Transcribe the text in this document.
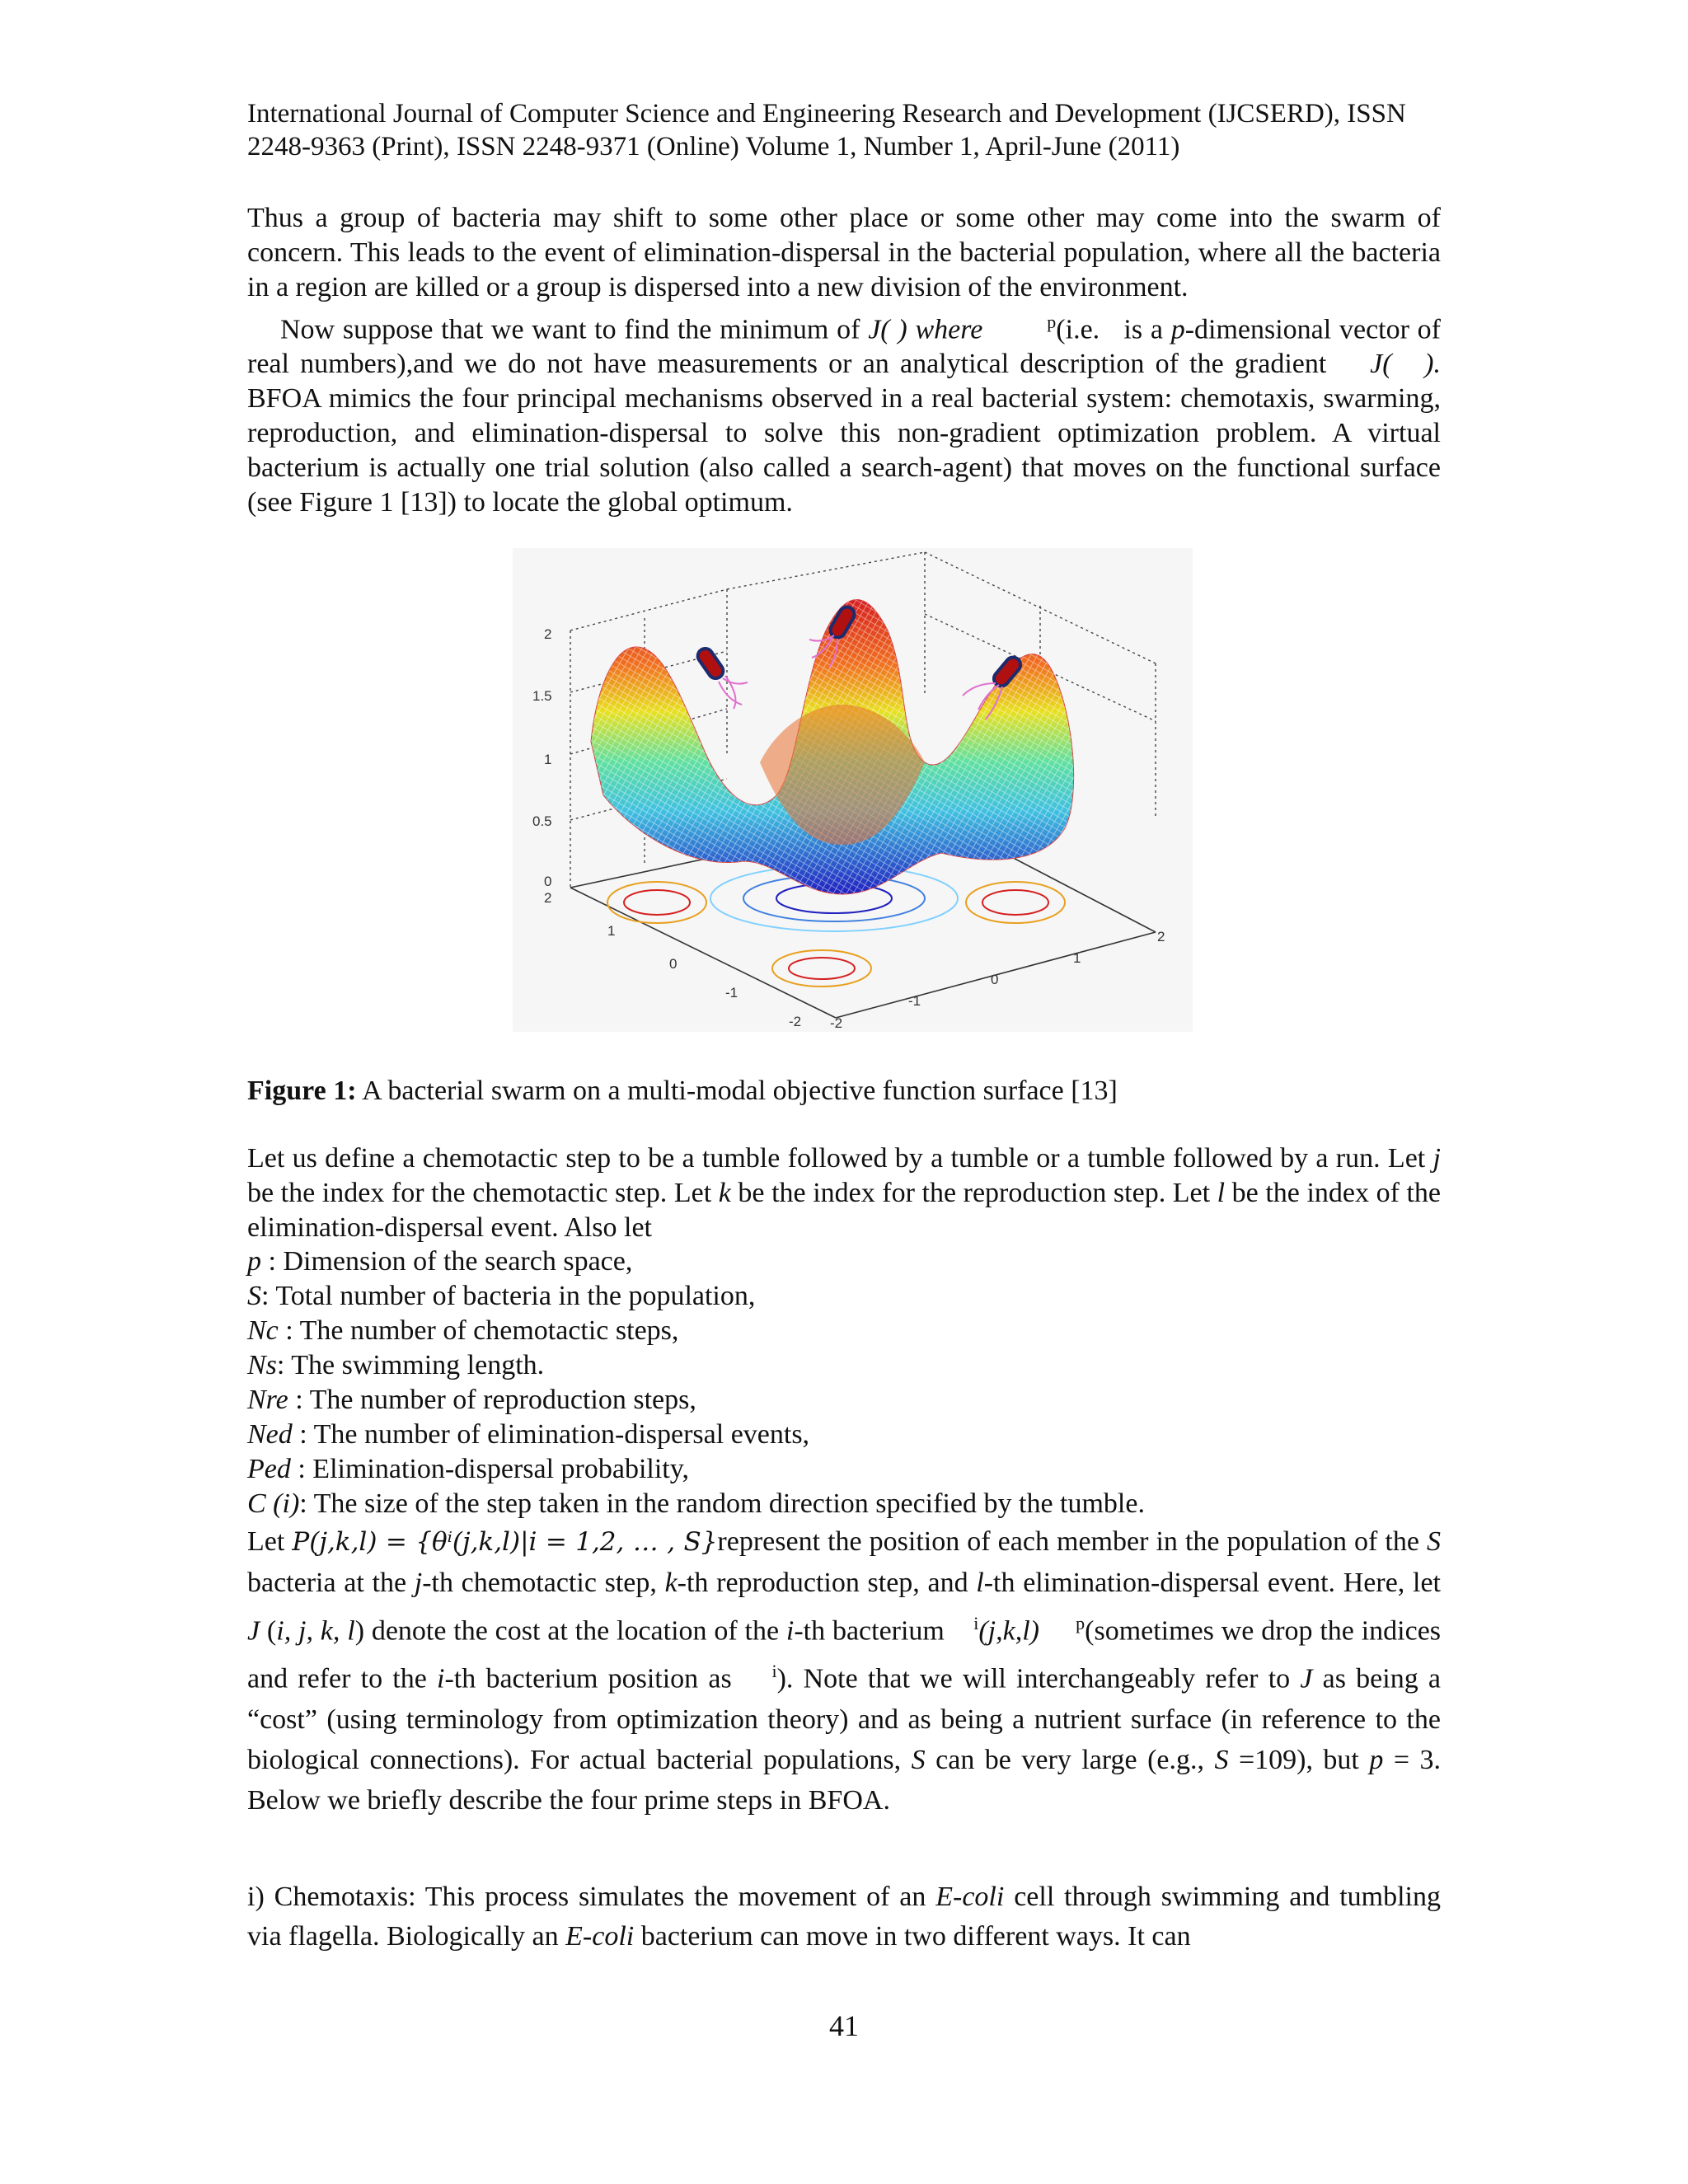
International Journal of Computer Science and Engineering Research and Development (IJCSERD), ISSN
2248-9363 (Print), ISSN 2248-9371 (Online) Volume 1, Number 1, April-June (2011)
Thus a group of bacteria may shift to some other place or some other may come into the swarm of concern. This leads to the event of elimination-dispersal in the bacterial population, where all the bacteria in a region are killed or a group is dispersed into a new division of the environment.
Now suppose that we want to find the minimum of J( ) where	$^p$(i.e.   is a p-dimensional vector of real numbers),and we do not have measurements or an analytical description of the gradient J(   ). BFOA mimics the four principal mechanisms observed in a real bacterial system: chemotaxis, swarming, reproduction, and elimination-dispersal to solve this non-gradient optimization problem. A virtual bacterium is actually one trial solution (also called a search-agent) that moves on the functional surface (see Figure 1 [13]) to locate the global optimum.
2
1.5
1
0.5
0
2
1
0
-1
-2 -2
-1
0
1
2
Figure 1: A bacterial swarm on a multi-modal objective function surface [13]
Let us define a chemotactic step to be a tumble followed by a tumble or a tumble followed by a run. Let j be the index for the chemotactic step. Let k be the index for the reproduction step. Let l be the index of the elimination-dispersal event. Also let
p : Dimension of the search space,
S: Total number of bacteria in the population,
Nc : The number of chemotactic steps,
Ns: The swimming length.
Nre : The number of reproduction steps,
Ned : The number of elimination-dispersal events,
Ped : Elimination-dispersal probability,
C (i): The size of the step taken in the random direction specified by the tumble.
Let P(j,k,l) = {θⁱ(j,k,l)|i = 1,2, … , S}represent the position of each member in the population of the S bacteria at the j-th chemotactic step, k-th reproduction step, and l-th elimination-dispersal event. Here, let J (i, j, k, l) denote the cost at the location of the i-th bacterium $^i$(j,k,l) $^p$(sometimes we drop the indices and refer to the i-th bacterium position as $^i$). Note that we will interchangeably refer to J as being a “cost” (using terminology from optimization theory) and as being a nutrient surface (in reference to the biological connections). For actual bacterial populations, S can be very large (e.g., S =109), but p = 3. Below we briefly describe the four prime steps in BFOA.
i) Chemotaxis: This process simulates the movement of an E-coli cell through swimming and tumbling via flagella. Biologically an E-coli bacterium can move in two different ways. It can
41
